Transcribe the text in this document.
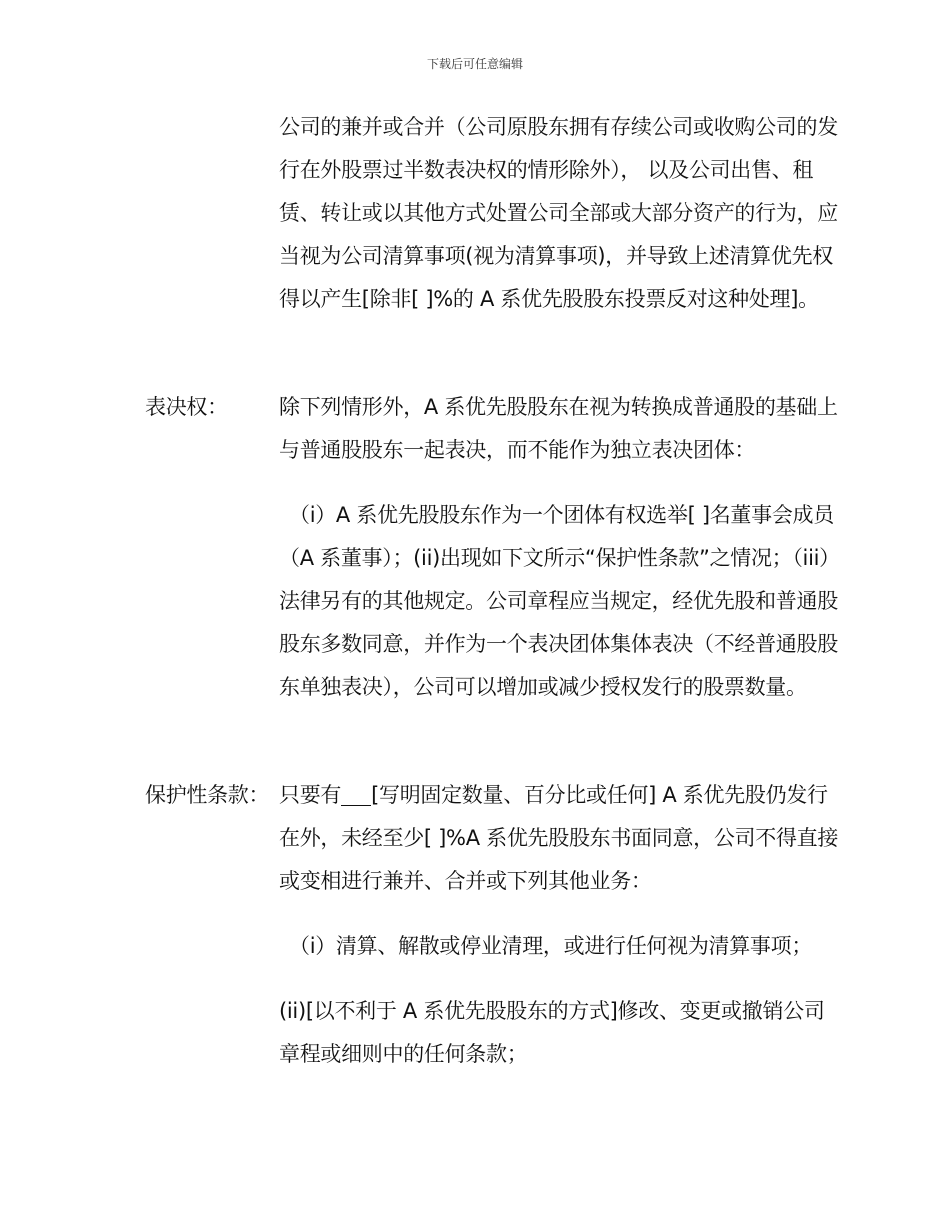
下载后可任意编辑

公司的兼并或合并（公司原股东拥有存续公司或收购公司的发行在外股票过半数表决权的情形除外）， 以及公司出售、租赁、转让或以其他方式处置公司全部或大部分资产的行为，应当视为公司清算事项(视为清算事项)，并导致上述清算优先权得以产生[除非[ ]%的 A 系优先股股东投票反对这种处理]。

表决权： 除下列情形外，A 系优先股股东在视为转换成普通股的基础上与普通股股东一起表决，而不能作为独立表决团体：

（i）A 系优先股股东作为一个团体有权选举[ ]名董事会成员（A 系董事）；(ii)出现如下文所示“保护性条款”之情况；（iii）法律另有的其他规定。公司章程应当规定，经优先股和普通股股东多数同意，并作为一个表决团体集体表决（不经普通股股东单独表决），公司可以增加或减少授权发行的股票数量。

保护性条款： 只要有 [写明固定数量、百分比或任何] A 系优先股仍发行在外，未经至少[ ]%A 系优先股股东书面同意，公司不得直接或变相进行兼并、合并或下列其他业务：

（i）清算、解散或停业清理，或进行任何视为清算事项；

(ii)[以不利于 A 系优先股股东的方式]修改、变更或撤销公司章程或细则中的任何条款；
